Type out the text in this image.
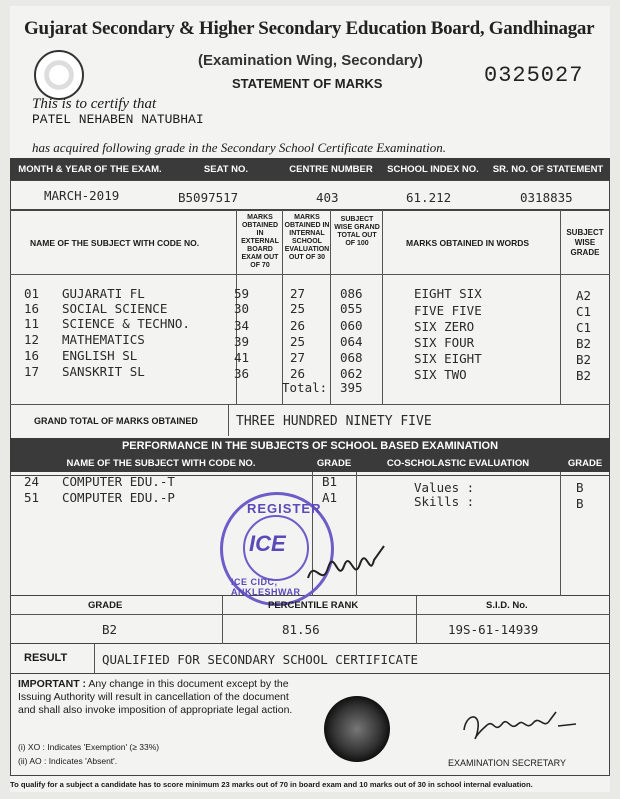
Gujarat Secondary & Higher Secondary Education Board, Gandhinagar
(Examination Wing, Secondary)
STATEMENT OF MARKS	0325027
This is to certify that
PATEL NEHABEN NATUBHAI
has acquired following grade in the Secondary School Certificate Examination.
MONTH & YEAR OF THE EXAM.	SEAT NO.	CENTRE NUMBER	SCHOOL INDEX NO.	SR. NO. OF STATEMENT
MARCH-2019	B5097517	403	61.212	0318835
NAME OF THE SUBJECT WITH CODE NO.
MARKS OBTAINED IN EXTERNAL BOARD EXAM OUT OF 70
MARKS OBTAINED IN INTERNAL SCHOOL EVALUATION OUT OF 30
SUBJECT WISE GRAND TOTAL OUT OF 100	MARKS OBTAINED IN WORDS
SUBJECT WISE GRADE
01 GUJARATI FL	59	27	086	EIGHT SIX	A2
16 SOCIAL SCIENCE	30	25	055	FIVE FIVE	C1
11 SCIENCE & TECHNO.	34	26	060	SIX ZERO	C1
12 MATHEMATICS	39	25	064	SIX FOUR	B2
16 ENGLISH SL	41	27	068	SIX EIGHT	B2
17 SANSKRIT SL	36	26	062	SIX TWO	B2
Total: 395
GRAND TOTAL OF MARKS OBTAINED	THREE HUNDRED NINETY FIVE
PERFORMANCE IN THE SUBJECTS OF SCHOOL BASED EXAMINATION
NAME OF THE SUBJECT WITH CODE NO.	GRADE	CO-SCHOLASTIC EVALUATION	GRADE
24 COMPUTER EDU.-T	B1	Values :	B
51 COMPUTER EDU.-P	A1	Skills :	B
REGISTER
ICE
ICE CIDC, ANKLESHWAR
GRADE	PERCENTILE RANK	S.I.D. No.
B2	81.56	19S-61-14939
RESULT	QUALIFIED FOR SECONDARY SCHOOL CERTIFICATE
IMPORTANT : Any change in this document except by the Issuing Authority will result in cancellation of the document and shall also invoke imposition of appropriate legal action.
(i) XO : Indicates 'Exemption' (≥ 33%)
(ii) AO : Indicates 'Absent'.	EXAMINATION SECRETARY
To qualify for a subject a candidate has to score minimum 23 marks out of 70 in board exam and 10 marks out of 30 in school internal evaluation.
